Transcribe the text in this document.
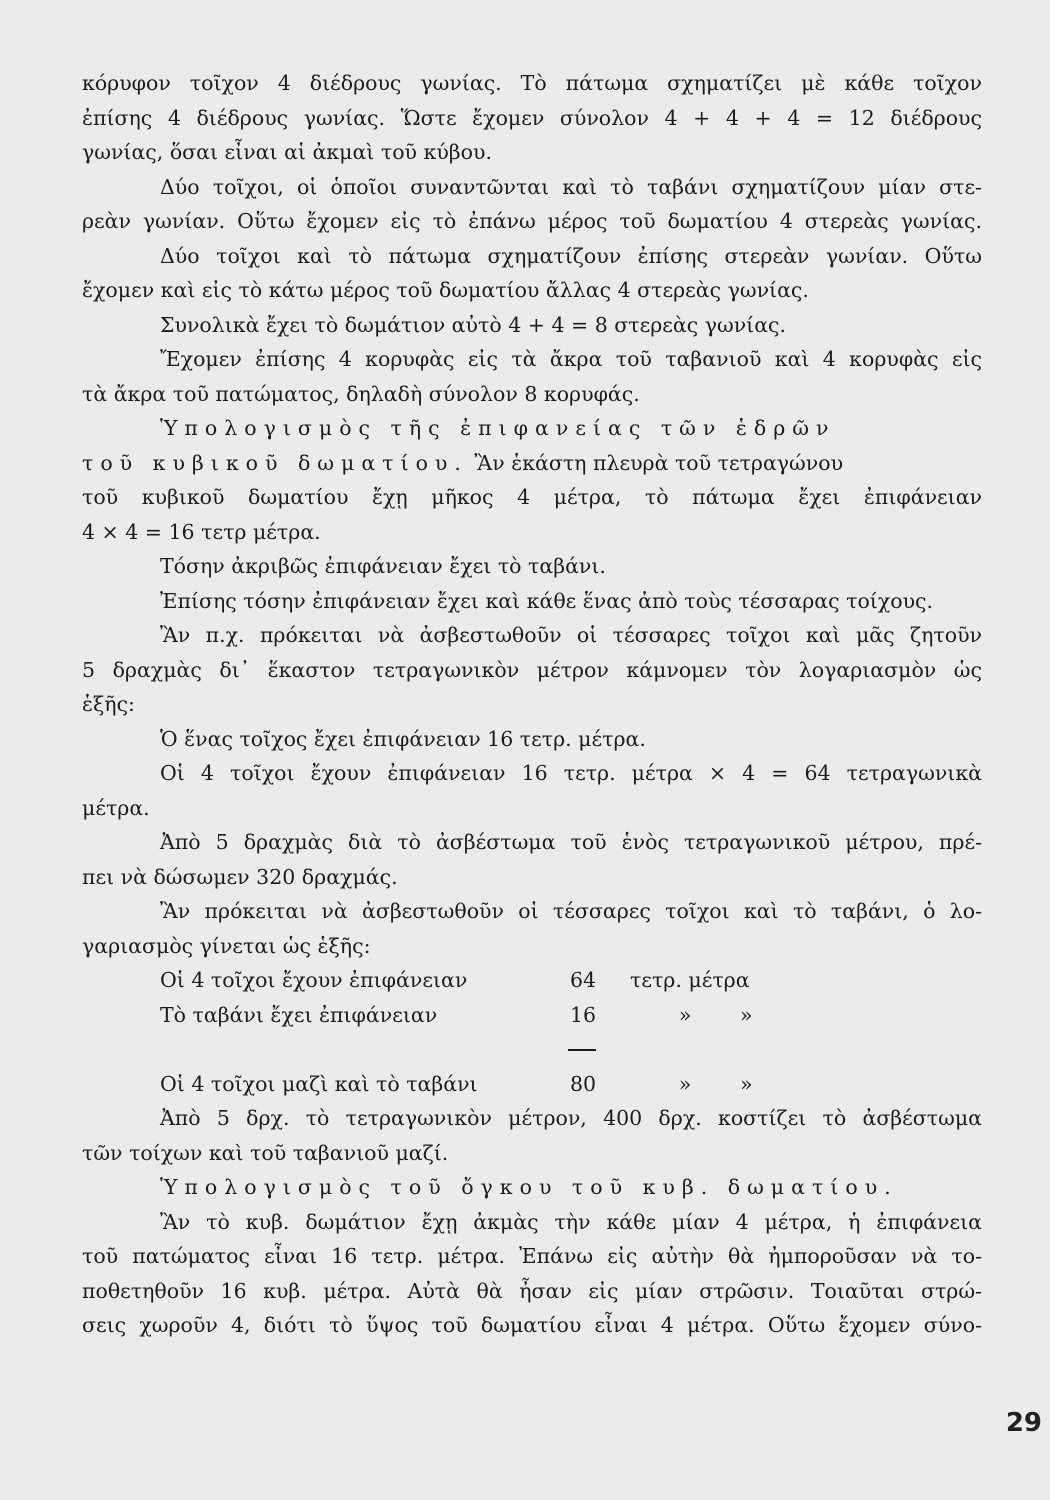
κόρυφον τοῖχον 4 διέδρους γωνίας. Τὸ πάτωμα σχηματίζει μὲ κάθε τοῖχον
ἐπίσης 4 διέδρους γωνίας. Ὥστε ἔχομεν σύνολον 4 + 4 + 4 = 12 διέδρους
γωνίας, ὅσαι εἶναι αἱ ἀκμαὶ τοῦ κύβου.
Δύο τοῖχοι, οἱ ὁποῖοι συναντῶνται καὶ τὸ ταβάνι σχηματίζουν μίαν στε-
ρεὰν γωνίαν. Οὕτω ἔχομεν εἰς τὸ ἐπάνω μέρος τοῦ δωματίου 4 στερεὰς γωνίας.
Δύο τοῖχοι καὶ τὸ πάτωμα σχηματίζουν ἐπίσης στερεὰν γωνίαν. Οὕτω
ἔχομεν καὶ εἰς τὸ κάτω μέρος τοῦ δωματίου ἄλλας 4 στερεὰς γωνίας.
Συνολικὰ ἔχει τὸ δωμάτιον αὐτὸ 4 + 4 = 8 στερεὰς γωνίας.
Ἔχομεν ἐπίσης 4 κορυφὰς εἰς τὰ ἄκρα τοῦ ταβανιοῦ καὶ 4 κορυφὰς εἰς
τὰ ἄκρα τοῦ πατώματος, δηλαδὴ σύνολον 8 κορυφάς.
Ὑπολογισμὸς τῆς ἐπιφανείας τῶν ἑδρῶν
τοῦ κυβικοῦ δωματίου. Ἂν ἑκάστη πλευρὰ τοῦ τετραγώνου
τοῦ κυβικοῦ δωματίου ἔχῃ μῆκος 4 μέτρα, τὸ πάτωμα ἔχει ἐπιφάνειαν
4 × 4 = 16 τετρ μέτρα.
Τόσην ἀκριβῶς ἐπιφάνειαν ἔχει τὸ ταβάνι.
Ἐπίσης τόσην ἐπιφάνειαν ἔχει καὶ κάθε ἕνας ἀπὸ τοὺς τέσσαρας τοίχους.
Ἂν π.χ. πρόκειται νὰ ἀσβεστωθοῦν οἱ τέσσαρες τοῖχοι καὶ μᾶς ζητοῦν
5 δραχμὰς δι᾽ ἕκαστον τετραγωνικὸν μέτρον κάμνομεν τὸν λογαριασμὸν ὡς
ἑξῆς:
Ὁ ἕνας τοῖχος ἔχει ἐπιφάνειαν 16 τετρ. μέτρα.
Οἱ 4 τοῖχοι ἔχουν ἐπιφάνειαν 16 τετρ. μέτρα × 4 = 64 τετραγωνικὰ
μέτρα.
Ἀπὸ 5 δραχμὰς διὰ τὸ ἀσβέστωμα τοῦ ἑνὸς τετραγωνικοῦ μέτρου, πρέ-
πει νὰ δώσωμεν 320 δραχμάς.
Ἂν πρόκειται νὰ ἀσβεστωθοῦν οἱ τέσσαρες τοῖχοι καὶ τὸ ταβάνι, ὁ λο-
γαριασμὸς γίνεται ὡς ἑξῆς:
Οἱ 4 τοῖχοι ἔχουν ἐπιφάνειαν	64	τετρ. μέτρα
Τὸ ταβάνι ἔχει ἐπιφάνειαν	16	»	»
Οἱ 4 τοῖχοι μαζὶ καὶ τὸ ταβάνι	80	»	»
Ἀπὸ 5 δρχ. τὸ τετραγωνικὸν μέτρον, 400 δρχ. κοστίζει τὸ ἀσβέστωμα
τῶν τοίχων καὶ τοῦ ταβανιοῦ μαζί.
Ὑπολογισμὸς τοῦ ὄγκου τοῦ κυβ. δωματίου.
Ἂν τὸ κυβ. δωμάτιον ἔχῃ ἀκμὰς τὴν κάθε μίαν 4 μέτρα, ἡ ἐπιφάνεια
τοῦ πατώματος εἶναι 16 τετρ. μέτρα. Ἐπάνω εἰς αὐτὴν θὰ ἠμποροῦσαν νὰ το-
ποθετηθοῦν 16 κυβ. μέτρα. Αὐτὰ θὰ ἦσαν εἰς μίαν στρῶσιν. Τοιαῦται στρώ-
σεις χωροῦν 4, διότι τὸ ὕψος τοῦ δωματίου εἶναι 4 μέτρα. Οὕτω ἔχομεν σύνο-
29
